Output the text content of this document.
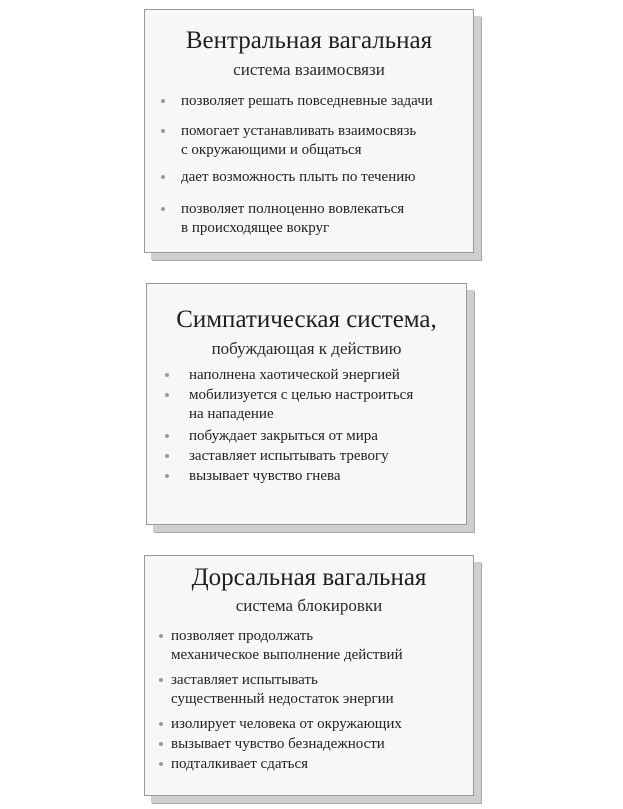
Вентральная вагальная
система взаимосвязи
позволяет решать повседневные задачи
помогает устанавливать взаимосвязь
с окружающими и общаться
дает возможность плыть по течению
позволяет полноценно вовлекаться
в происходящее вокруг
Симпатическая система,
побуждающая к действию
наполнена хаотической энергией
мобилизуется с целью настроиться
на нападение
побуждает закрыться от мира
заставляет испытывать тревогу
вызывает чувство гнева
Дорсальная вагальная
система блокировки
позволяет продолжать
механическое выполнение действий
заставляет испытывать
существенный недостаток энергии
изолирует человека от окружающих
вызывает чувство безнадежности
подталкивает сдаться
